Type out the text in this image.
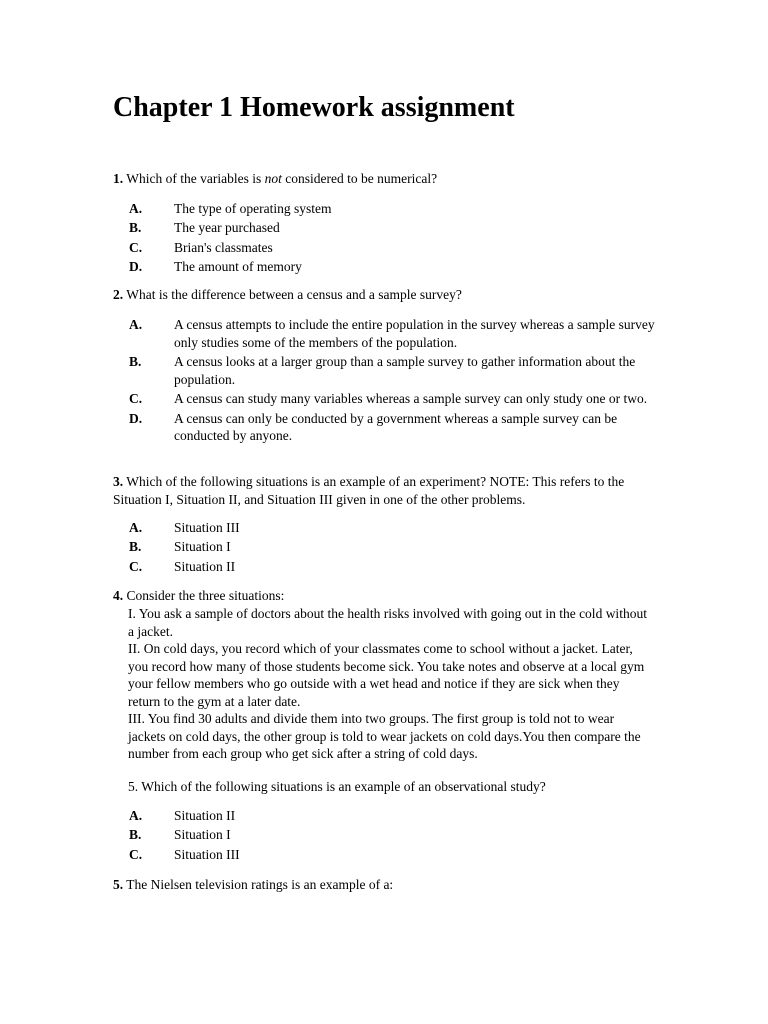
Chapter 1 Homework assignment
1. Which of the variables is not considered to be numerical?
A. The type of operating system
B. The year purchased
C. Brian's classmates
D. The amount of memory
2. What is the difference between a census and a sample survey?
A. A census attempts to include the entire population in the survey whereas a sample survey only studies some of the members of the population.
B. A census looks at a larger group than a sample survey to gather information about the population.
C. A census can study many variables whereas a sample survey can only study one or two.
D. A census can only be conducted by a government whereas a sample survey can be conducted by anyone.
3. Which of the following situations is an example of an experiment? NOTE: This refers to the Situation I, Situation II, and Situation III given in one of the other problems.
A. Situation III
B. Situation I
C. Situation II
4. Consider the three situations:

I. You ask a sample of doctors about the health risks involved with going out in the cold without a jacket.

II. On cold days, you record which of your classmates come to school without a jacket. Later, you record how many of those students become sick. You take notes and observe at a local gym your fellow members who go outside with a wet head and notice if they are sick when they return to the gym at a later date.

III. You find 30 adults and divide them into two groups. The first group is told not to wear jackets on cold days, the other group is told to wear jackets on cold days.You then compare the number from each group who get sick after a string of cold days.

5. Which of the following situations is an example of an observational study?
A. Situation II
B. Situation I
C. Situation III
5. The Nielsen television ratings is an example of a:
